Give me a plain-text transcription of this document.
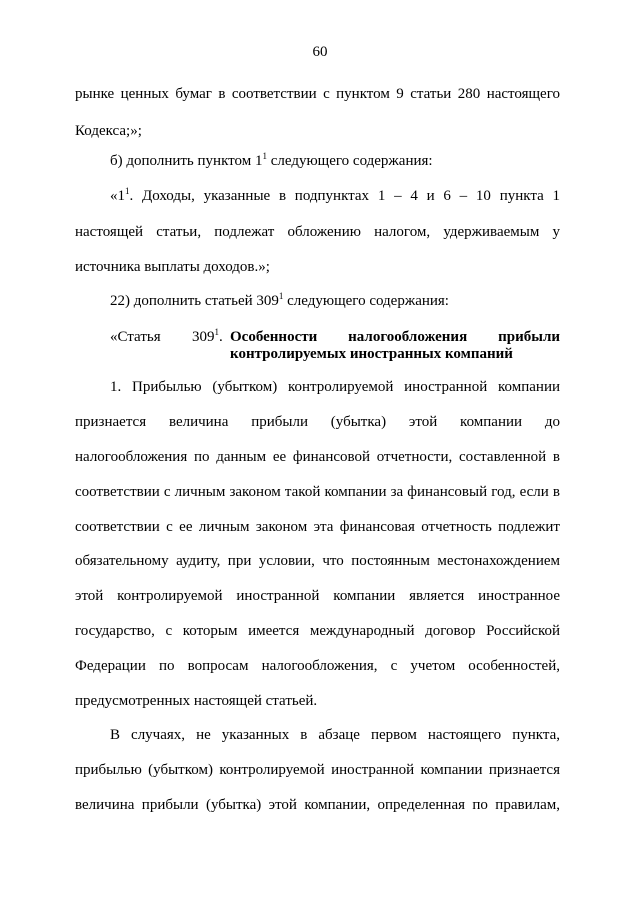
60
рынке ценных бумаг в соответствии с пунктом 9 статьи 280 настоящего
Кодекса;»;
б) дополнить пунктом $1^1$ следующего содержания:
«$1^1$. Доходы, указанные в подпунктах 1 – 4 и 6 – 10 пункта 1
настоящей статьи, подлежат обложению налогом, удерживаемым у
источника выплаты доходов.»;
22) дополнить статьей $309^1$ следующего содержания:
«Статья $309^1$. Особенности налогообложения прибыли
контролируемых иностранных компаний
1. Прибылью (убытком) контролируемой иностранной компании
признается величина прибыли (убытка) этой компании до
налогообложения по данным ее финансовой отчетности, составленной в
соответствии с личным законом такой компании за финансовый год, если в
соответствии с ее личным законом эта финансовая отчетность подлежит
обязательному аудиту, при условии, что постоянным местонахождением
этой контролируемой иностранной компании является иностранное
государство, с которым имеется международный договор Российской
Федерации по вопросам налогообложения, с учетом особенностей,
предусмотренных настоящей статьей.
В случаях, не указанных в абзаце первом настоящего пункта,
прибылью (убытком) контролируемой иностранной компании признается
величина прибыли (убытка) этой компании, определенная по правилам,
